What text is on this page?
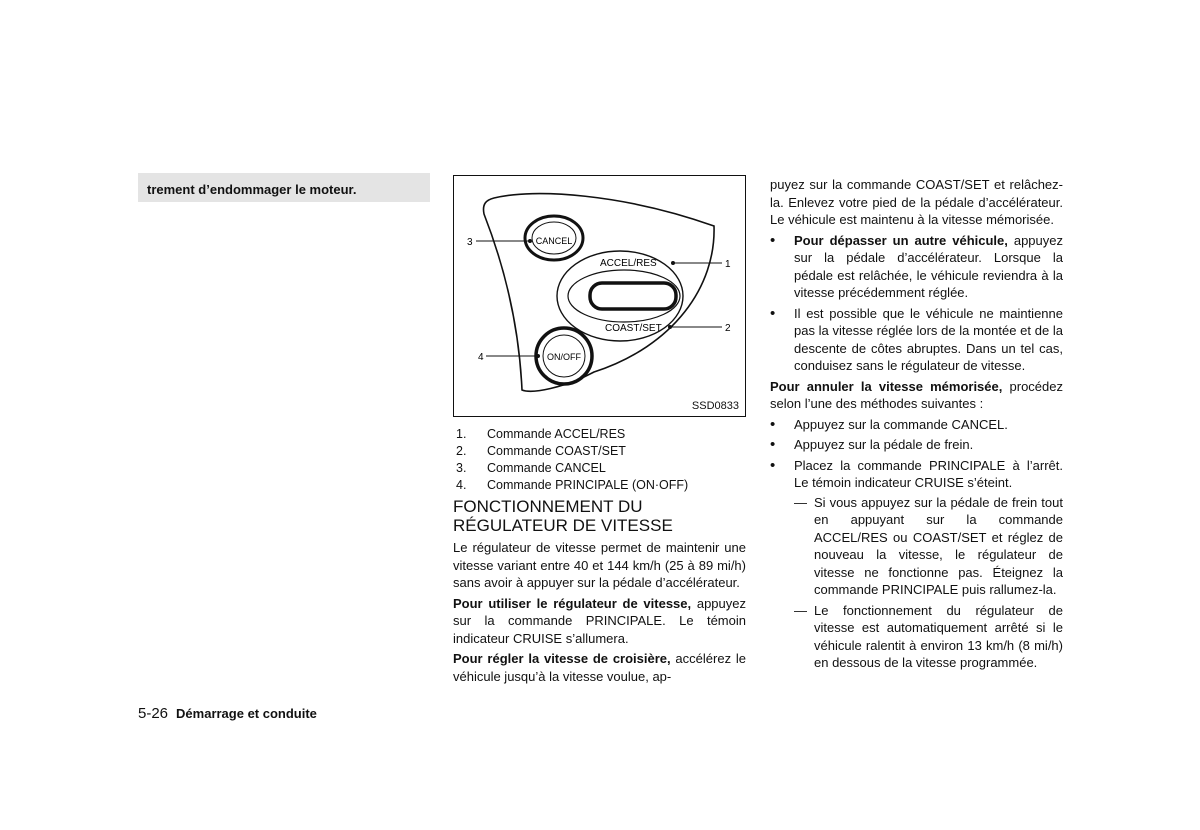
trement d’endommager le moteur.
CANCEL
ACCEL/RES
COAST/SET
ON/OFF
3
1
2
4
SSD0833
1. Commande ACCEL/RES
2. Commande COAST/SET
3. Commande CANCEL
4. Commande PRINCIPALE (ON·OFF)
FONCTIONNEMENT DU RÉGULATEUR DE VITESSE

Le régulateur de vitesse permet de maintenir une vitesse variant entre 40 et 144 km/h (25 à 89 mi/h) sans avoir à appuyer sur la pédale d’accélérateur.

Pour utiliser le régulateur de vitesse, appuyez sur la commande PRINCIPALE. Le témoin indicateur CRUISE s’allumera.

Pour régler la vitesse de croisière, accélérez le véhicule jusqu’à la vitesse voulue, ap-

puyez sur la commande COAST/SET et relâchez-la. Enlevez votre pied de la pédale d’accélérateur. Le véhicule est maintenu à la vitesse mémorisée.

• Pour dépasser un autre véhicule, appuyez sur la pédale d’accélérateur. Lorsque la pédale est relâchée, le véhicule reviendra à la vitesse précédemment réglée.
• Il est possible que le véhicule ne maintienne pas la vitesse réglée lors de la montée et de la descente de côtes abruptes. Dans un tel cas, conduisez sans le régulateur de vitesse.

Pour annuler la vitesse mémorisée, procédez selon l’une des méthodes suivantes :

• Appuyez sur la commande CANCEL.
• Appuyez sur la pédale de frein.
• Placez la commande PRINCIPALE à l’arrêt. Le témoin indicateur CRUISE s’éteint.
— Si vous appuyez sur la pédale de frein tout en appuyant sur la commande ACCEL/RES ou COAST/SET et réglez de nouveau la vitesse, le régulateur de vitesse ne fonctionne pas. Éteignez la commande PRINCIPALE puis rallumez-la.
— Le fonctionnement du régulateur de vitesse est automatiquement arrêté si le véhicule ralentit à environ 13 km/h (8 mi/h) en dessous de la vitesse programmée.
5-26 Démarrage et conduite
